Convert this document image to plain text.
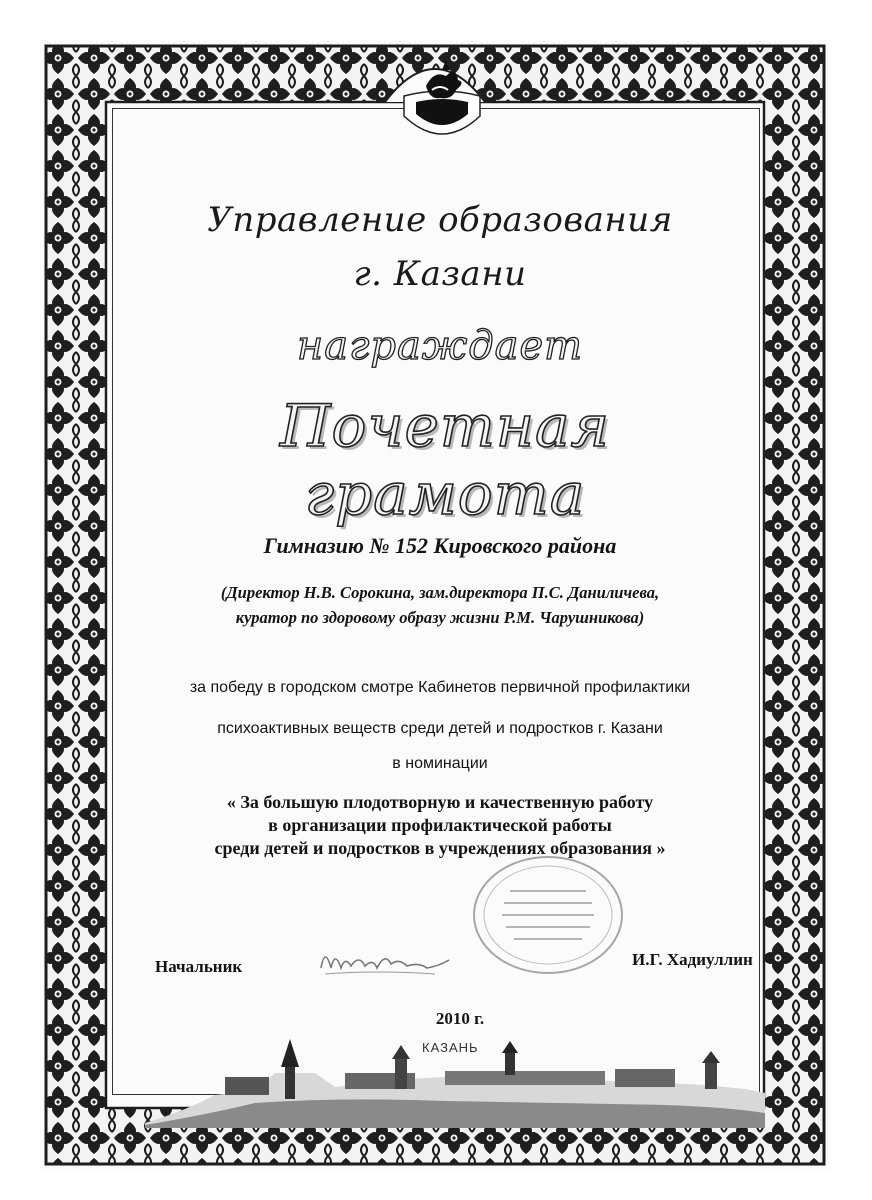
Управление образования
г. Казани
награждает
Почетная грамота
Гимназию № 152 Кировского района
(Директор Н.В. Сорокина, зам.директора П.С. Даниличева,
куратор по здоровому образу жизни Р.М. Чарушникова)
за победу в городском смотре Кабинетов первичной профилактики
психоактивных веществ среди детей и подростков г. Казани
в номинации
« За большую плодотворную и качественную работу
в организации профилактической работы
среди детей и подростков в учреждениях образования »
Начальник	И.Г. Хадиуллин
2010 г.
КАЗАНЬ
